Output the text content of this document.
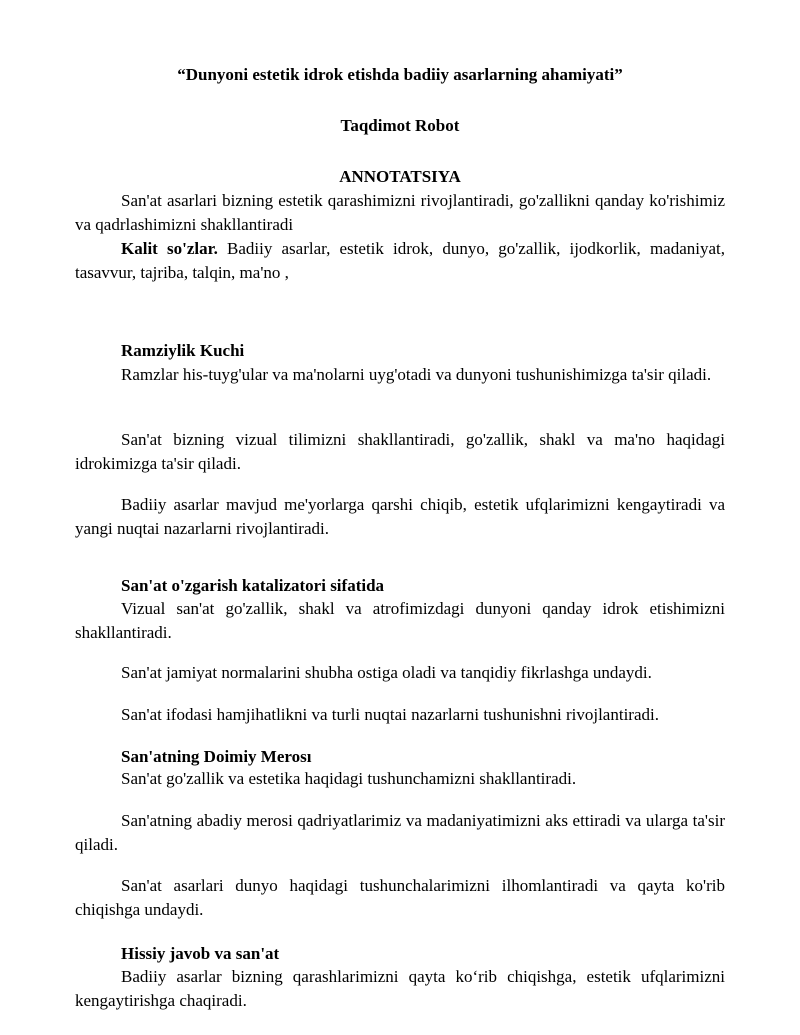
“Dunyoni estetik idrok etishda badiiy asarlarning ahamiyati”

Taqdimot Robot

ANNOTATSIYA

San'at asarlari bizning estetik qarashimizni rivojlantiradi, go'zallikni qanday ko'rishimiz va qadrlashimizni shakllantiradi

Kalit so'zlar. Badiiy asarlar, estetik idrok, dunyo, go'zallik, ijodkorlik, madaniyat, tasavvur, tajriba, talqin, ma'no ,

Ramziylik Kuchi

Ramzlar his-tuyg'ular va ma'nolarni uyg'otadi va dunyoni tushunishimizga ta'sir qiladi.

San'at bizning vizual tilimizni shakllantiradi, go'zallik, shakl va ma'no haqidagi idrokimizga ta'sir qiladi.

Badiiy asarlar mavjud me'yorlarga qarshi chiqib, estetik ufqlarimizni kengaytiradi va yangi nuqtai nazarlarni rivojlantiradi.

San'at o'zgarish katalizatori sifatida

Vizual san'at go'zallik, shakl va atrofimizdagi dunyoni qanday idrok etishimizni shakllantiradi.

San'at jamiyat normalarini shubha ostiga oladi va tanqidiy fikrlashga undaydi.

San'at ifodasi hamjihatlikni va turli nuqtai nazarlarni tushunishni rivojlantiradi.

San'atning Doimiy Merosı

San'at go'zallik va estetika haqidagi tushunchamizni shakllantiradi.

San'atning abadiy merosi qadriyatlarimiz va madaniyatimizni aks ettiradi va ularga ta'sir qiladi.

San'at asarlari dunyo haqidagi tushunchalarimizni ilhomlantiradi va qayta ko'rib chiqishga undaydi.

Hissiy javob va san'at

Badiiy asarlar bizning qarashlarimizni qayta ko‘rib chiqishga, estetik ufqlarimizni kengaytirishga chaqiradi.
